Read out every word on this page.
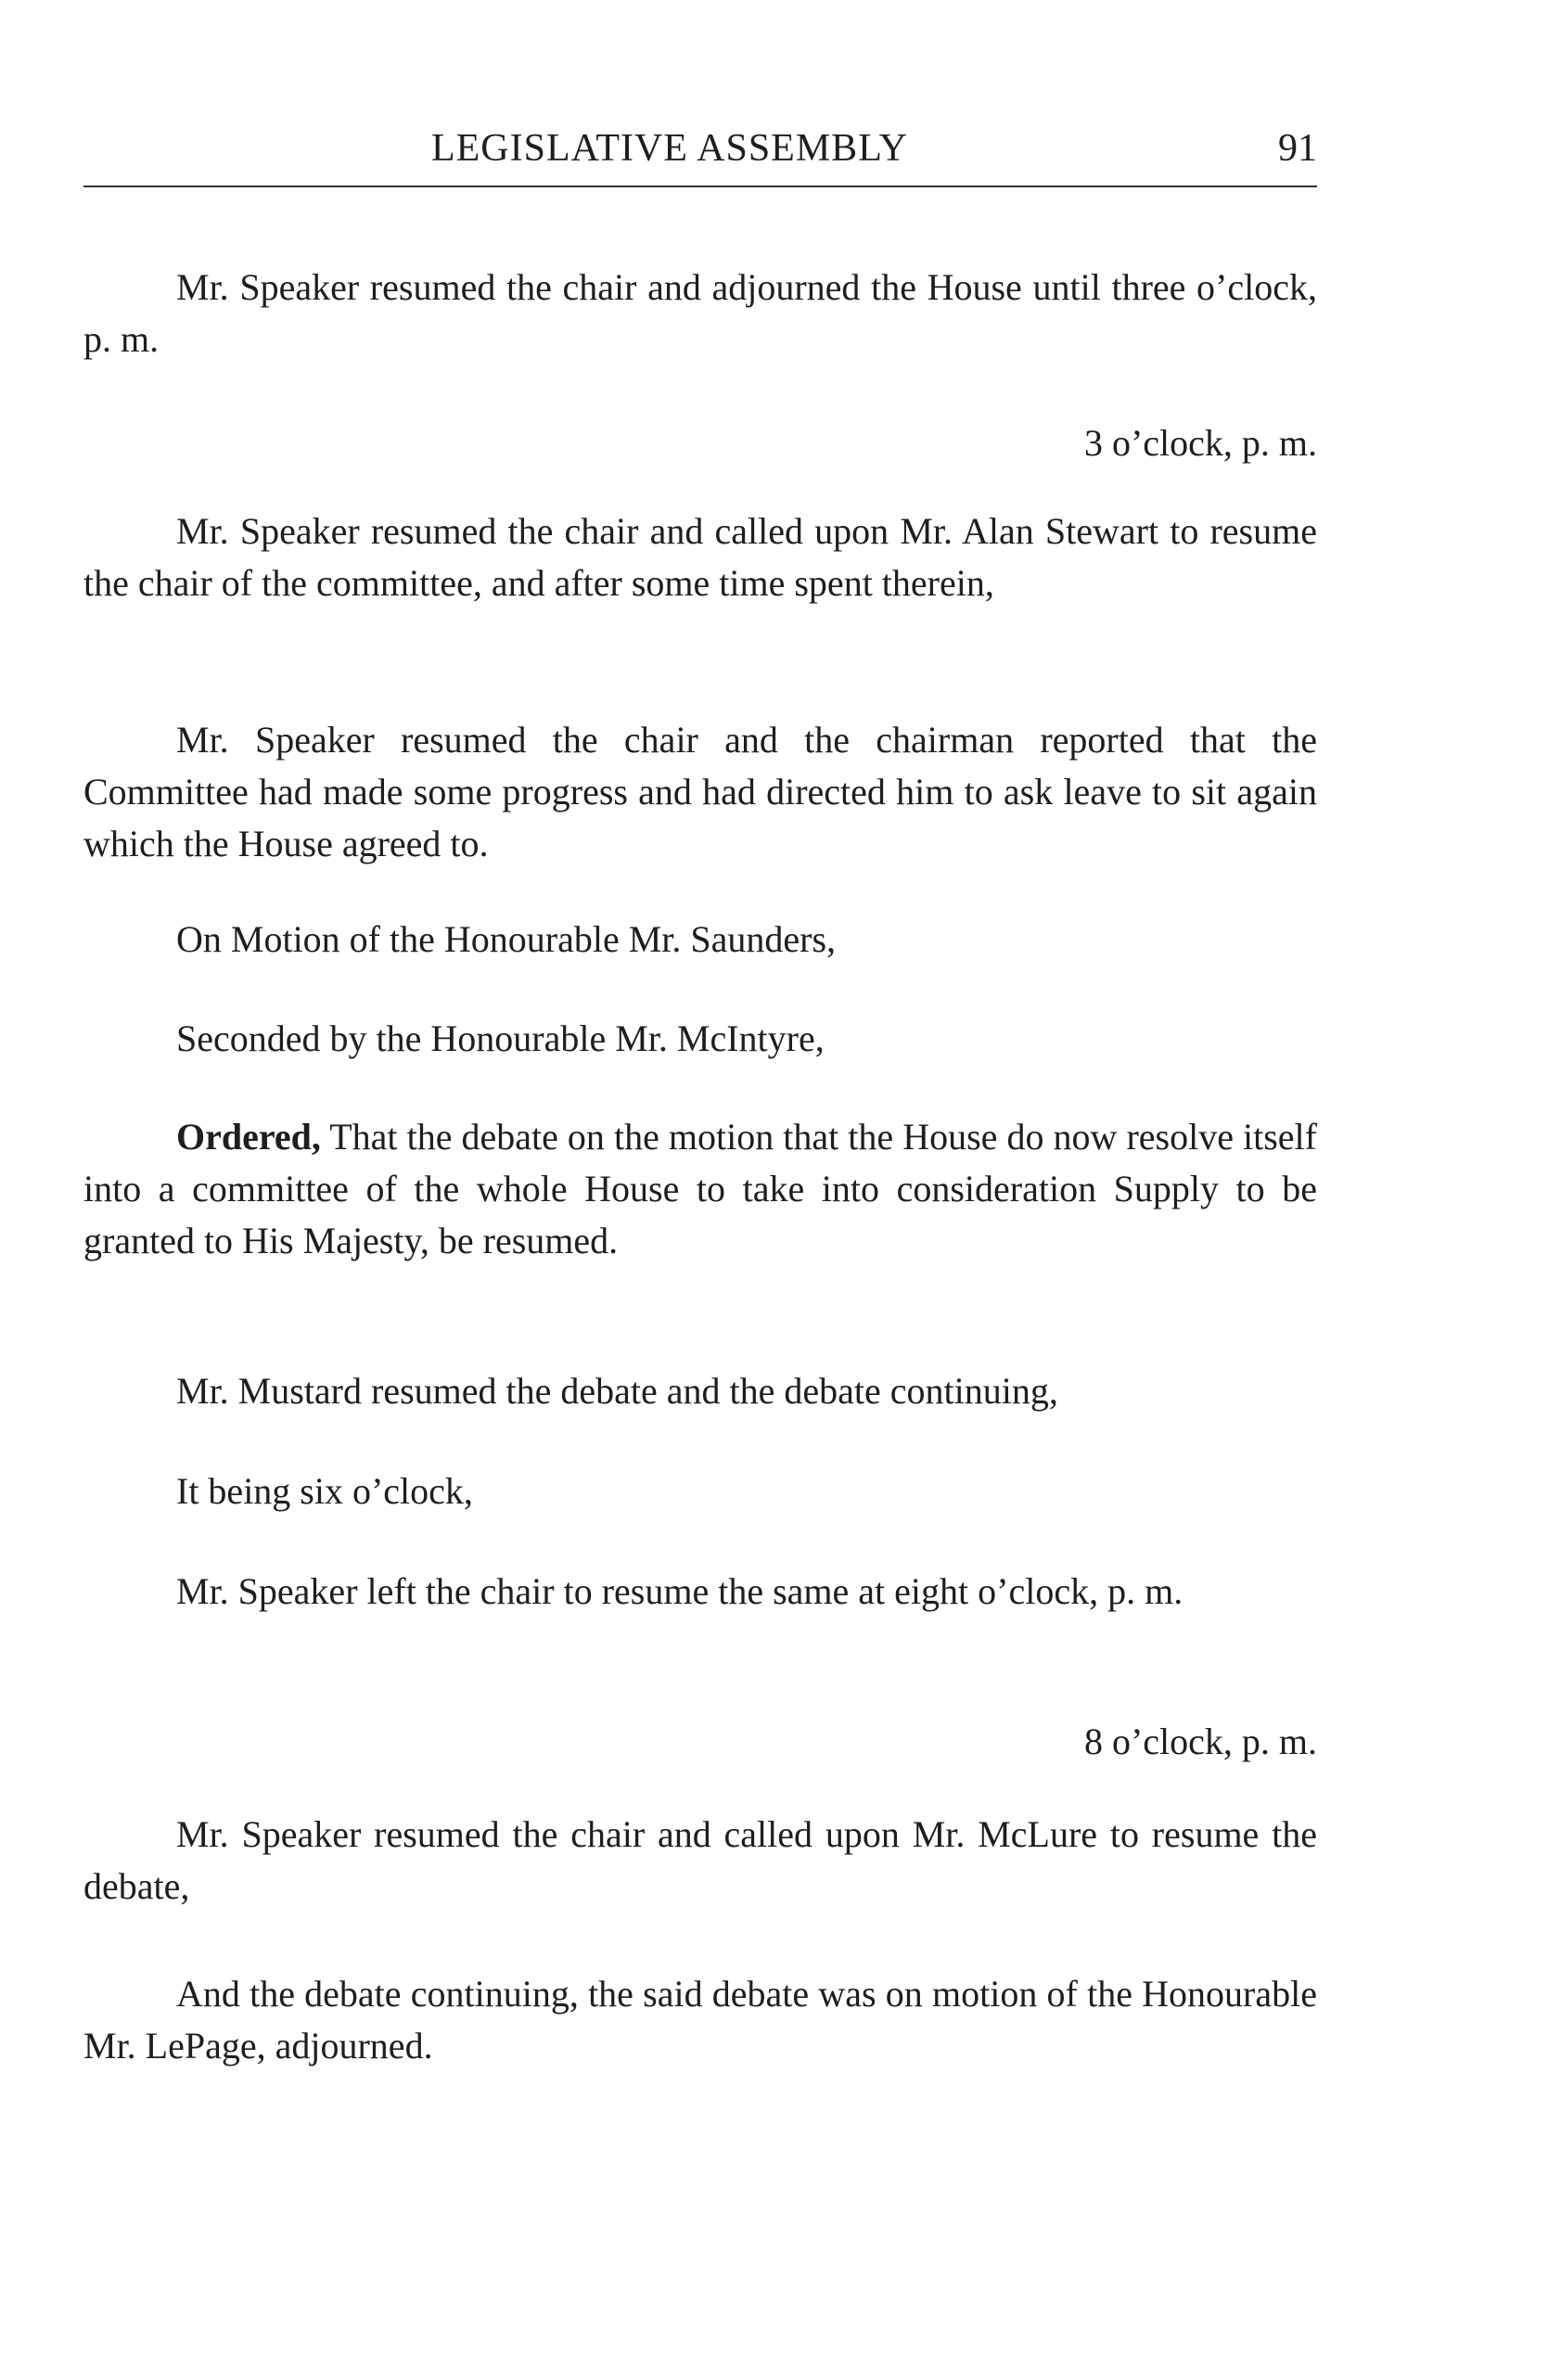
LEGISLATIVE ASSEMBLY	91

Mr. Speaker resumed the chair and adjourned the House until three o’clock, p. m.

3 o’clock, p. m.

Mr. Speaker resumed the chair and called upon Mr. Alan Stewart to resume the chair of the committee, and after some time spent therein,

Mr. Speaker resumed the chair and the chairman reported that the Committee had made some progress and had directed him to ask leave to sit again which the House agreed to.

On Motion of the Honourable Mr. Saunders,

Seconded by the Honourable Mr. McIntyre,

Ordered, That the debate on the motion that the House do now resolve itself into a committee of the whole House to take into consideration Supply to be granted to His Majesty, be resumed.

Mr. Mustard resumed the debate and the debate continuing,

It being six o’clock,

Mr. Speaker left the chair to resume the same at eight o’clock, p. m.

8 o’clock, p. m.

Mr. Speaker resumed the chair and called upon Mr. McLure to resume the debate,

And the debate continuing, the said debate was on motion of the Honourable Mr. LePage, adjourned.
